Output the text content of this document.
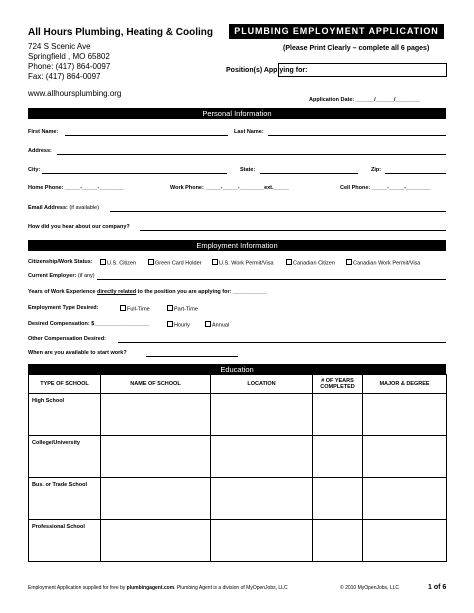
All Hours Plumbing, Heating & Cooling
724 S Scenic Ave
Springfield , MO 65802
Phone: (417) 864-0097
Fax: (417) 864-0097
www.allhoursplumbing.org
PLUMBING EMPLOYMENT APPLICATION
(Please Print Clearly – complete all 6 pages)
Position(s) Applying for:
Application Date: ______/______/________
Personal Information
First Name:	Last Name:
Address:
City:	State:	Zip:
Home Phone: _____-_____-________	Work Phone: _____-_____-________ext._____	Cell Phone: _____-_____-________
Email Address: (if available)
How did you hear about our company?
Employment Information
Citizenship/Work Status:	U.S. Citizen	Green Card Holder	U.S. Work Permit/Visa	Canadian Citizen	Canadian Work Permit/Visa
Current Employer: (if any)
Years of Work Experience directly related to the position you are applying for: ___________
Employment Type Desired:	Full-Time	Part-Time
Desired Compensation: $__________________	Hourly	Annual
Other Compensation Desired:
When are you available to start work?
Education
TYPE OF SCHOOL	NAME OF SCHOOL	LOCATION	# OF YEARS COMPLETED	MAJOR & DEGREE

High School				

College/University				

Bus. or Trade School				

Professional School				

Employment Application supplied for free by plumbingagent.com. Plumbing Agent is a division of MyOpenJobs, LLC	© 2010 MyOpenJobs, LLC	1 of 6
